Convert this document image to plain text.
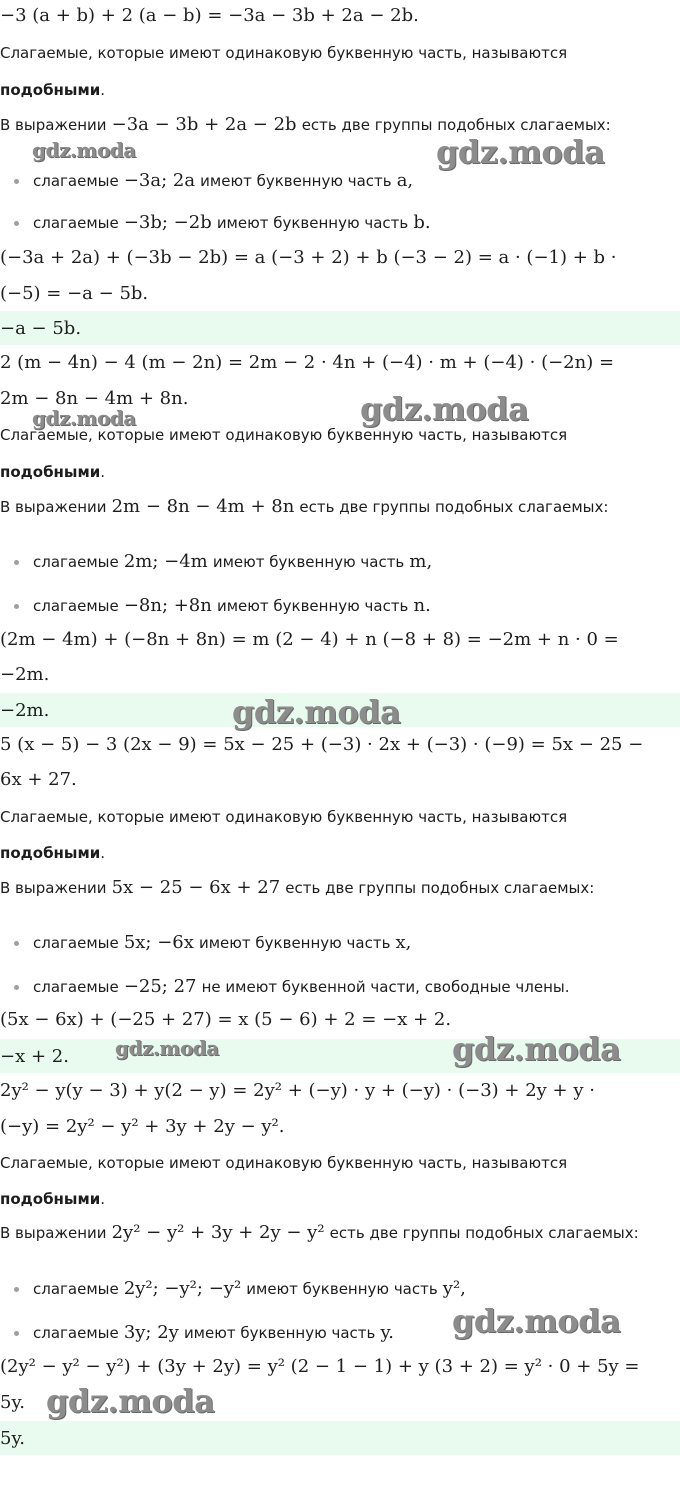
−3 (a + b) + 2 (a − b) = −3a − 3b + 2a − 2b.
Слагаемые, которые имеют одинаковую буквенную часть, называются
подобными.
В выражении −3a − 3b + 2a − 2b есть две группы подобных слагаемых:
слагаемые −3a; 2a имеют буквенную часть a,
слагаемые −3b; −2b имеют буквенную часть b.
(−3a + 2a) + (−3b − 2b) = a (−3 + 2) + b (−3 − 2) = a · (−1) + b ·
(−5) = −a − 5b.
−a − 5b.
2 (m − 4n) − 4 (m − 2n) = 2m − 2 · 4n + (−4) · m + (−4) · (−2n) =
2m − 8n − 4m + 8n.
Слагаемые, которые имеют одинаковую буквенную часть, называются
подобными.
В выражении 2m − 8n − 4m + 8n есть две группы подобных слагаемых:
слагаемые 2m; −4m имеют буквенную часть m,
слагаемые −8n; +8n имеют буквенную часть n.
(2m − 4m) + (−8n + 8n) = m (2 − 4) + n (−8 + 8) = −2m + n · 0 =
−2m.
−2m.
5 (x − 5) − 3 (2x − 9) = 5x − 25 + (−3) · 2x + (−3) · (−9) = 5x − 25 −
6x + 27.
Слагаемые, которые имеют одинаковую буквенную часть, называются
подобными.
В выражении 5x − 25 − 6x + 27 есть две группы подобных слагаемых:
слагаемые 5x; −6x имеют буквенную часть x,
слагаемые −25; 27 не имеют буквенной части, свободные члены.
(5x − 6x) + (−25 + 27) = x (5 − 6) + 2 = −x + 2.
−x + 2.
2y² − y(y − 3) + y(2 − y) = 2y² + (−y) · y + (−y) · (−3) + 2y + y ·
(−y) = 2y² − y² + 3y + 2y − y².
Слагаемые, которые имеют одинаковую буквенную часть, называются
подобными.
В выражении 2y² − y² + 3y + 2y − y² есть две группы подобных слагаемых:
слагаемые 2y²; −y²; −y² имеют буквенную часть y²,
слагаемые 3y; 2y имеют буквенную часть y.
(2y² − y² − y²) + (3y + 2y) = y² (2 − 1 − 1) + y (3 + 2) = y² · 0 + 5y =
5y.
5y.
gdz.moda	gdz.moda
gdz.moda	gdz.moda
gdz.moda
gdz.moda	gdz.moda
gdz.moda
gdz.moda
